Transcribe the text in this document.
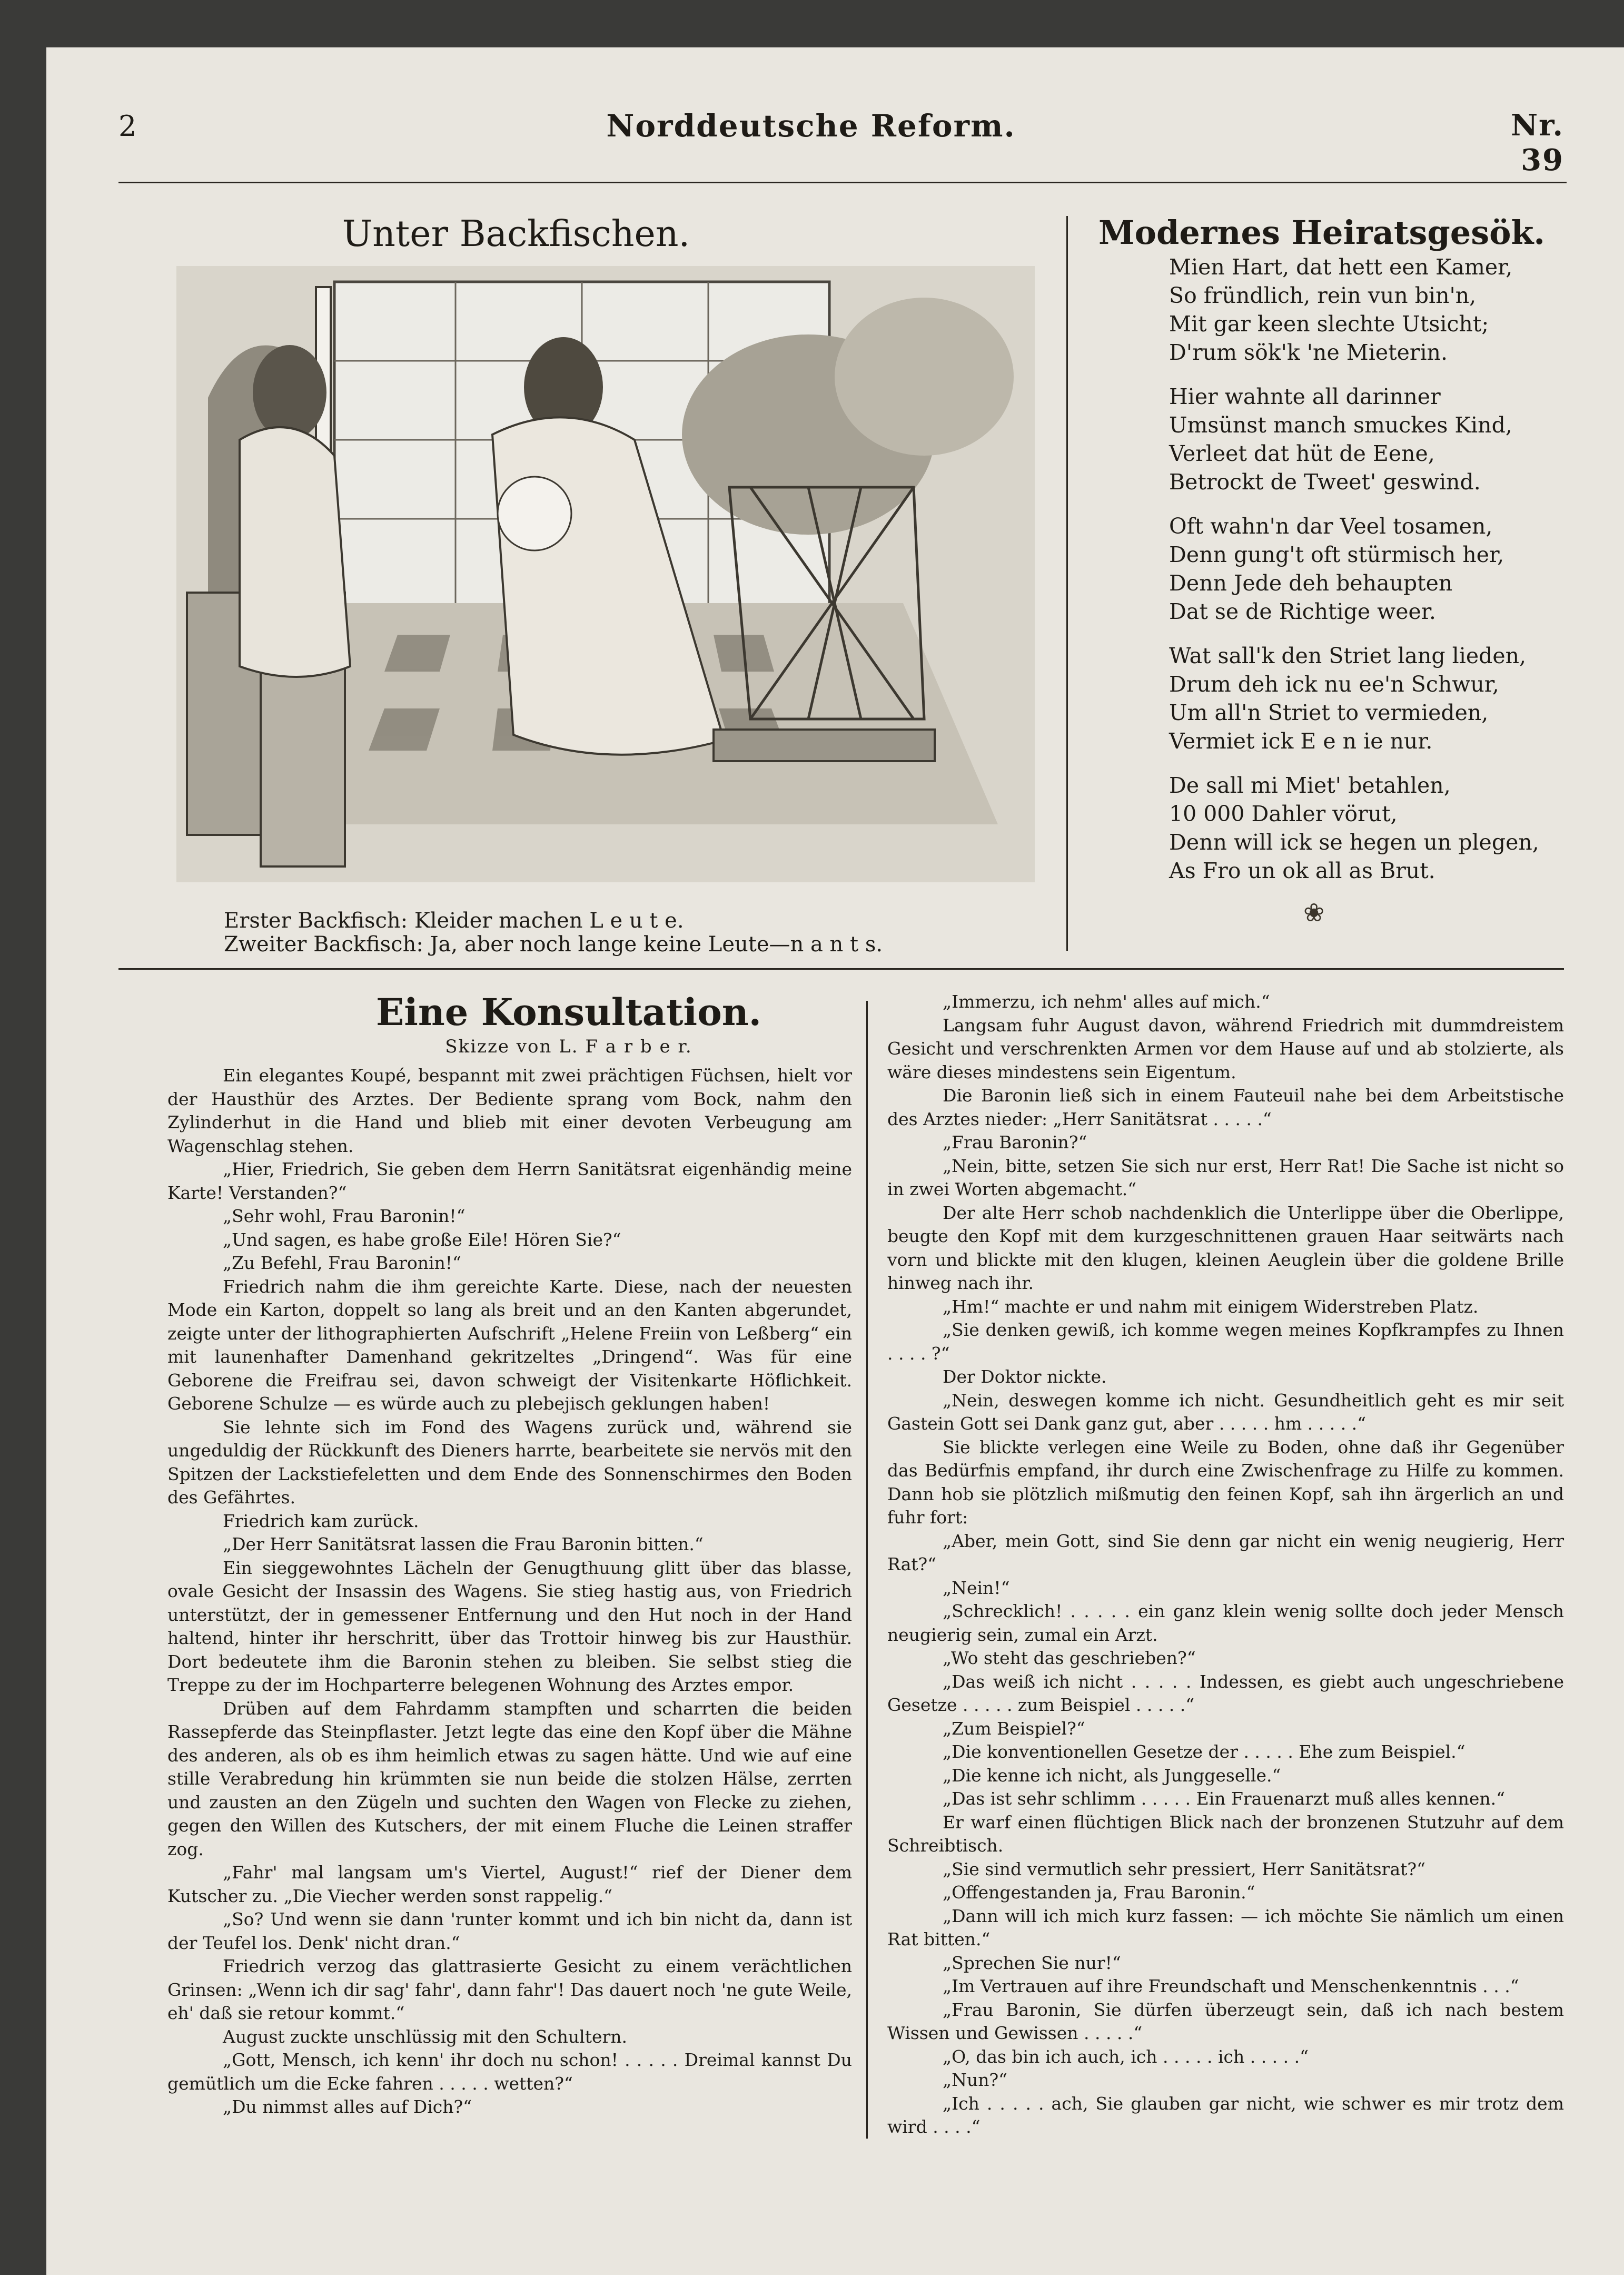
2	Norddeutsche Reform.	Nr. 39
Unter Backfischen.
Erster Backfisch: Kleider machen L e u t e.
Zweiter Backfisch: Ja, aber noch lange keine Leute—n a n t s.
Modernes Heiratsgesök.
Mien Hart, dat hett een Kamer,
So fründlich, rein vun bin'n,
Mit gar keen slechte Utsicht;
D'rum sök'k 'ne Mieterin.
Hier wahnte all darinner
Umsünst manch smuckes Kind,
Verleet dat hüt de Eene,
Betrockt de Tweet' geswind.
Oft wahn'n dar Veel tosamen,
Denn gung't oft stürmisch her,
Denn Jede deh behaupten
Dat se de Richtige weer.
Wat sall'k den Striet lang lieden,
Drum deh ick nu ee'n Schwur,
Um all'n Striet to vermieden,
Vermiet ick E e n ie nur.
De sall mi Miet' betahlen,
10 000 Dahler vörut,
Denn will ick se hegen un plegen,
As Fro un ok all as Brut.
❀
Eine Konsultation.
Skizze von L. F a r b e r.

Ein elegantes Koupé, bespannt mit zwei prächtigen Füchsen, hielt vor der Hausthür des Arztes. Der Bediente sprang vom Bock, nahm den Zylinderhut in die Hand und blieb mit einer devoten Verbeugung am Wagenschlag stehen.

„Hier, Friedrich, Sie geben dem Herrn Sanitätsrat eigenhändig meine Karte! Verstanden?“

„Sehr wohl, Frau Baronin!“

„Und sagen, es habe große Eile! Hören Sie?“

„Zu Befehl, Frau Baronin!“

Friedrich nahm die ihm gereichte Karte. Diese, nach der neuesten Mode ein Karton, doppelt so lang als breit und an den Kanten abgerundet, zeigte unter der lithographierten Aufschrift „Helene Freiin von Leßberg“ ein mit launenhafter Damenhand gekritzeltes „Dringend“. Was für eine Geborene die Freifrau sei, davon schweigt der Visitenkarte Höflichkeit. Geborene Schulze — es würde auch zu plebejisch geklungen haben!

Sie lehnte sich im Fond des Wagens zurück und, während sie ungeduldig der Rückkunft des Dieners harrte, bearbeitete sie nervös mit den Spitzen der Lackstiefeletten und dem Ende des Sonnenschirmes den Boden des Gefährtes.

Friedrich kam zurück.

„Der Herr Sanitätsrat lassen die Frau Baronin bitten.“

Ein sieggewohntes Lächeln der Genugthuung glitt über das blasse, ovale Gesicht der Insassin des Wagens. Sie stieg hastig aus, von Friedrich unterstützt, der in gemessener Entfernung und den Hut noch in der Hand haltend, hinter ihr herschritt, über das Trottoir hinweg bis zur Hausthür. Dort bedeutete ihm die Baronin stehen zu bleiben. Sie selbst stieg die Treppe zu der im Hochparterre belegenen Wohnung des Arztes empor.

Drüben auf dem Fahrdamm stampften und scharrten die beiden Rassepferde das Steinpflaster. Jetzt legte das eine den Kopf über die Mähne des anderen, als ob es ihm heimlich etwas zu sagen hätte. Und wie auf eine stille Verabredung hin krümmten sie nun beide die stolzen Hälse, zerrten und zausten an den Zügeln und suchten den Wagen von Flecke zu ziehen, gegen den Willen des Kutschers, der mit einem Fluche die Leinen straffer zog.

„Fahr' mal langsam um's Viertel, August!“ rief der Diener dem Kutscher zu. „Die Viecher werden sonst rappelig.“

„So? Und wenn sie dann 'runter kommt und ich bin nicht da, dann ist der Teufel los. Denk' nicht dran.“

Friedrich verzog das glattrasierte Gesicht zu einem verächtlichen Grinsen: „Wenn ich dir sag' fahr', dann fahr'! Das dauert noch 'ne gute Weile, eh' daß sie retour kommt.“

August zuckte unschlüssig mit den Schultern.

„Gott, Mensch, ich kenn' ihr doch nu schon! . . . . . Dreimal kannst Du gemütlich um die Ecke fahren . . . . . wetten?“

„Du nimmst alles auf Dich?“

„Immerzu, ich nehm' alles auf mich.“

Langsam fuhr August davon, während Friedrich mit dummdreistem Gesicht und verschrenkten Armen vor dem Hause auf und ab stolzierte, als wäre dieses mindestens sein Eigentum.

Die Baronin ließ sich in einem Fauteuil nahe bei dem Arbeitstische des Arztes nieder: „Herr Sanitätsrat . . . . .“

„Frau Baronin?“

„Nein, bitte, setzen Sie sich nur erst, Herr Rat! Die Sache ist nicht so in zwei Worten abgemacht.“

Der alte Herr schob nachdenklich die Unterlippe über die Oberlippe, beugte den Kopf mit dem kurzgeschnittenen grauen Haar seitwärts nach vorn und blickte mit den klugen, kleinen Aeuglein über die goldene Brille hinweg nach ihr.

„Hm!“ machte er und nahm mit einigem Widerstreben Platz.

„Sie denken gewiß, ich komme wegen meines Kopfkrampfes zu Ihnen . . . . ?“

Der Doktor nickte.

„Nein, deswegen komme ich nicht. Gesundheitlich geht es mir seit Gastein Gott sei Dank ganz gut, aber . . . . . hm . . . . .“

Sie blickte verlegen eine Weile zu Boden, ohne daß ihr Gegenüber das Bedürfnis empfand, ihr durch eine Zwischenfrage zu Hilfe zu kommen. Dann hob sie plötzlich mißmutig den feinen Kopf, sah ihn ärgerlich an und fuhr fort:

„Aber, mein Gott, sind Sie denn gar nicht ein wenig neugierig, Herr Rat?“

„Nein!“

„Schrecklich! . . . . . ein ganz klein wenig sollte doch jeder Mensch neugierig sein, zumal ein Arzt.

„Wo steht das geschrieben?“

„Das weiß ich nicht . . . . . Indessen, es giebt auch ungeschriebene Gesetze . . . . . zum Beispiel . . . . .“

„Zum Beispiel?“

„Die konventionellen Gesetze der . . . . . Ehe zum Beispiel.“

„Die kenne ich nicht, als Junggeselle.“

„Das ist sehr schlimm . . . . . Ein Frauenarzt muß alles kennen.“

Er warf einen flüchtigen Blick nach der bronzenen Stutzuhr auf dem Schreibtisch.

„Sie sind vermutlich sehr pressiert, Herr Sanitätsrat?“

„Offengestanden ja, Frau Baronin.“

„Dann will ich mich kurz fassen: — ich möchte Sie nämlich um einen Rat bitten.“

„Sprechen Sie nur!“

„Im Vertrauen auf ihre Freundschaft und Menschenkenntnis . . .“

„Frau Baronin, Sie dürfen überzeugt sein, daß ich nach bestem Wissen und Gewissen . . . . .“

„O, das bin ich auch, ich . . . . . ich . . . . .“

„Nun?“

„Ich . . . . . ach, Sie glauben gar nicht, wie schwer es mir trotz dem wird . . . .“
